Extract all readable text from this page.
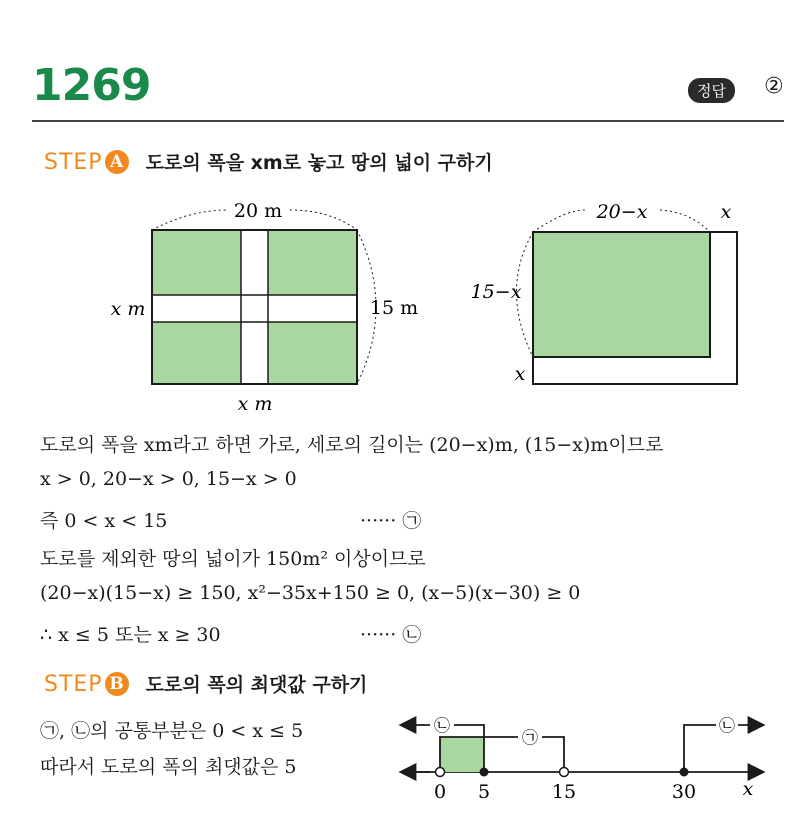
1269	정답	②
STEP A 도로의 폭을 xm로 놓고 땅의 넓이 구하기
20 m
15 m
x m
x m
20−x	x
15−x
x
도로의 폭을 xm라고 하면 가로, 세로의 길이는 (20−x)m, (15−x)m이므로
x > 0, 20−x > 0, 15−x > 0
즉 0 < x < 15	······ ㉠
도로를 제외한 땅의 넓이가 150m² 이상이므로
(20−x)(15−x) ≥ 150, x²−35x+150 ≥ 0, (x−5)(x−30) ≥ 0
∴ x ≤ 5 또는 x ≥ 30	······ ㉡
STEP B 도로의 폭의 최댓값 구하기
㉠, ㉡의 공통부분은 0 < x ≤ 5
따라서 도로의 폭의 최댓값은 5
㉡
㉠
㉡
0 5	15	30 x
